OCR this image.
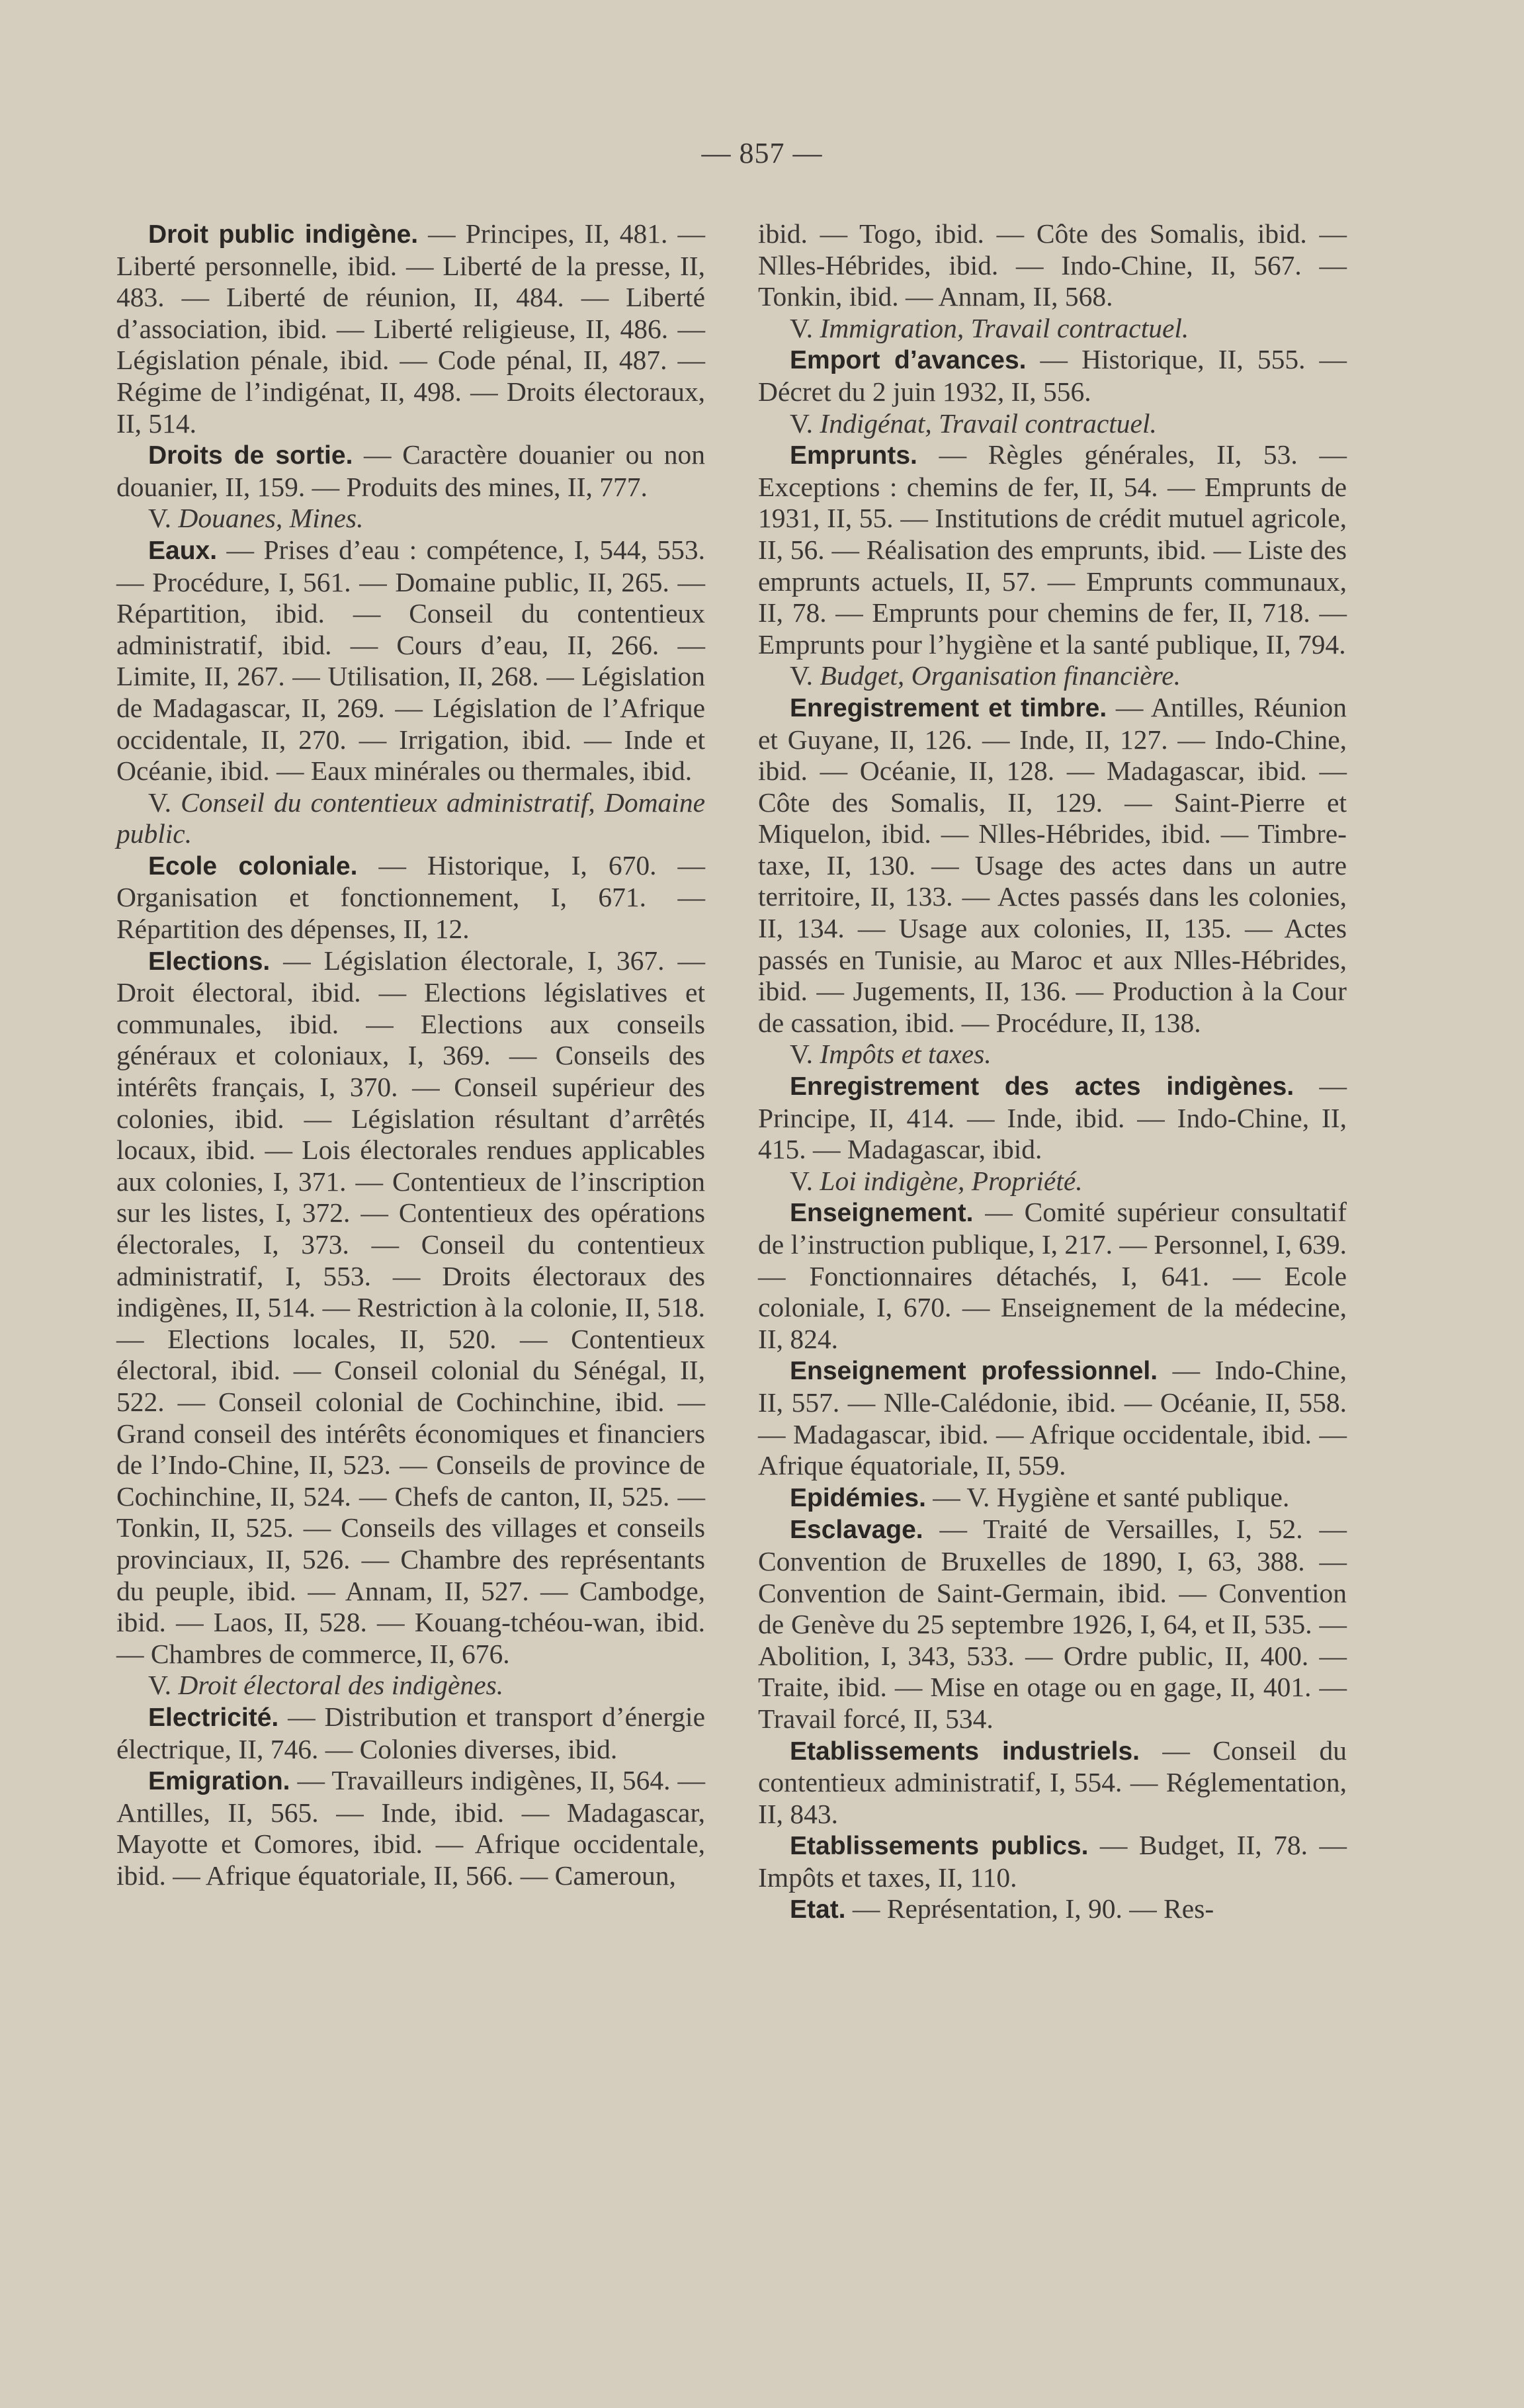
— 857 —

Droit public indigène. — Principes, II, 481. — Liberté personnelle, ibid. — Liberté de la presse, II, 483. — Liberté de réunion, II, 484. — Liberté d’association, ibid. — Liberté religieuse, II, 486. — Législation pénale, ibid. — Code pénal, II, 487. — Régime de l’indigénat, II, 498. — Droits électoraux, II, 514.

Droits de sortie. — Caractère douanier ou non douanier, II, 159. — Produits des mines, II, 777.

V. Douanes, Mines.

Eaux. — Prises d’eau : compétence, I, 544, 553. — Procédure, I, 561. — Domaine public, II, 265. — Répartition, ibid. — Conseil du contentieux administratif, ibid. — Cours d’eau, II, 266. — Limite, II, 267. — Utilisation, II, 268. — Législation de Madagascar, II, 269. — Législation de l’Afrique occidentale, II, 270. — Irrigation, ibid. — Inde et Océanie, ibid. — Eaux minérales ou thermales, ibid.

V. Conseil du contentieux administratif, Domaine public.

Ecole coloniale. — Historique, I, 670. — Organisation et fonctionnement, I, 671. — Répartition des dépenses, II, 12.

Elections. — Législation électorale, I, 367. — Droit électoral, ibid. — Elections législatives et communales, ibid. — Elections aux conseils généraux et coloniaux, I, 369. — Conseils des intérêts français, I, 370. — Conseil supérieur des colonies, ibid. — Législation résultant d’arrêtés locaux, ibid. — Lois électorales rendues applicables aux colonies, I, 371. — Contentieux de l’inscription sur les listes, I, 372. — Contentieux des opérations électorales, I, 373. — Conseil du contentieux administratif, I, 553. — Droits électoraux des indigènes, II, 514. — Restriction à la colonie, II, 518. — Elections locales, II, 520. — Contentieux électoral, ibid. — Conseil colonial du Sénégal, II, 522. — Conseil colonial de Cochinchine, ibid. — Grand conseil des intérêts économiques et financiers de l’Indo-Chine, II, 523. — Conseils de province de Cochinchine, II, 524. — Chefs de canton, II, 525. — Tonkin, II, 525. — Conseils des villages et conseils provinciaux, II, 526. — Chambre des représentants du peuple, ibid. — Annam, II, 527. — Cambodge, ibid. — Laos, II, 528. — Kouang-tchéou-wan, ibid. — Chambres de commerce, II, 676.

V. Droit électoral des indigènes.

Electricité. — Distribution et transport d’énergie électrique, II, 746. — Colonies diverses, ibid.

Emigration. — Travailleurs indigènes, II, 564. — Antilles, II, 565. — Inde, ibid. — Madagascar, Mayotte et Comores, ibid. — Afrique occidentale, ibid. — Afrique équatoriale, II, 566. — Cameroun,

ibid. — Togo, ibid. — Côte des Somalis, ibid. — Nlles-Hébrides, ibid. — Indo-Chine, II, 567. — Tonkin, ibid. — Annam, II, 568.

V. Immigration, Travail contractuel.

Emport d’avances. — Historique, II, 555. — Décret du 2 juin 1932, II, 556.

V. Indigénat, Travail contractuel.

Emprunts. — Règles générales, II, 53. — Exceptions : chemins de fer, II, 54. — Emprunts de 1931, II, 55. — Institutions de crédit mutuel agricole, II, 56. — Réalisation des emprunts, ibid. — Liste des emprunts actuels, II, 57. — Emprunts communaux, II, 78. — Emprunts pour chemins de fer, II, 718. — Emprunts pour l’hygiène et la santé publique, II, 794.

V. Budget, Organisation financière.

Enregistrement et timbre. — Antilles, Réunion et Guyane, II, 126. — Inde, II, 127. — Indo-Chine, ibid. — Océanie, II, 128. — Madagascar, ibid. — Côte des Somalis, II, 129. — Saint-Pierre et Miquelon, ibid. — Nlles-Hébrides, ibid. — Timbre-taxe, II, 130. — Usage des actes dans un autre territoire, II, 133. — Actes passés dans les colonies, II, 134. — Usage aux colonies, II, 135. — Actes passés en Tunisie, au Maroc et aux Nlles-Hébrides, ibid. — Jugements, II, 136. — Production à la Cour de cassation, ibid. — Procédure, II, 138.

V. Impôts et taxes.

Enregistrement des actes indigènes. — Principe, II, 414. — Inde, ibid. — Indo-Chine, II, 415. — Madagascar, ibid.

V. Loi indigène, Propriété.

Enseignement. — Comité supérieur consultatif de l’instruction publique, I, 217. — Personnel, I, 639. — Fonctionnaires détachés, I, 641. — Ecole coloniale, I, 670. — Enseignement de la médecine, II, 824.

Enseignement professionnel. — Indo-Chine, II, 557. — Nlle-Calédonie, ibid. — Océanie, II, 558. — Madagascar, ibid. — Afrique occidentale, ibid. — Afrique équatoriale, II, 559.

Epidémies. — V. Hygiène et santé publique.

Esclavage. — Traité de Versailles, I, 52. — Convention de Bruxelles de 1890, I, 63, 388. — Convention de Saint-Germain, ibid. — Convention de Genève du 25 septembre 1926, I, 64, et II, 535. — Abolition, I, 343, 533. — Ordre public, II, 400. — Traite, ibid. — Mise en otage ou en gage, II, 401. — Travail forcé, II, 534.

Etablissements industriels. — Conseil du contentieux administratif, I, 554. — Réglementation, II, 843.

Etablissements publics. — Budget, II, 78. — Impôts et taxes, II, 110.

Etat. — Représentation, I, 90. — Res-
